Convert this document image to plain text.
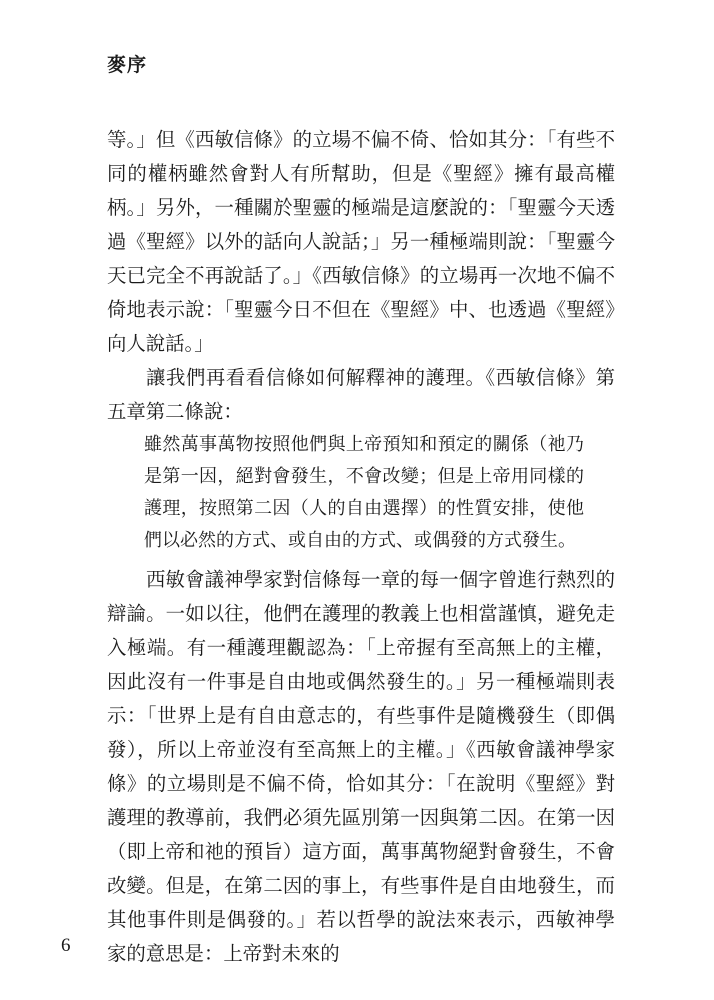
麥序

等。」但《西敏信條》的立場不偏不倚、恰如其分：「有些不同的權柄雖然會對人有所幫助，但是《聖經》擁有最高權柄。」另外，一種關於聖靈的極端是這麼說的：「聖靈今天透過《聖經》以外的話向人說話；」另一種極端則說：「聖靈今天已完全不再說話了。」《西敏信條》的立場再一次地不偏不倚地表示說：「聖靈今日不但在《聖經》中、也透過《聖經》向人說話。」

讓我們再看看信條如何解釋神的護理。《西敏信條》第五章第二條說：

雖然萬事萬物按照他們與上帝預知和預定的關係（祂乃是第一因，絕對會發生，不會改變；但是上帝用同樣的護理，按照第二因（人的自由選擇）的性質安排，使他們以必然的方式、或自由的方式、或偶發的方式發生。

西敏會議神學家對信條每一章的每一個字曾進行熱烈的辯論。一如以往，他們在護理的教義上也相當謹慎，避免走入極端。有一種護理觀認為：「上帝握有至高無上的主權，因此沒有一件事是自由地或偶然發生的。」另一種極端則表示：「世界上是有自由意志的，有些事件是隨機發生（即偶發），所以上帝並沒有至高無上的主權。」《西敏會議神學家條》的立場則是不偏不倚，恰如其分：「在說明《聖經》對護理的教導前，我們必須先區別第一因與第二因。在第一因（即上帝和祂的預旨）這方面，萬事萬物絕對會發生，不會改變。但是，在第二因的事上，有些事件是自由地發生，而其他事件則是偶發的。」若以哲學的說法來表示，西敏神學家的意思是：上帝對未來的

6
